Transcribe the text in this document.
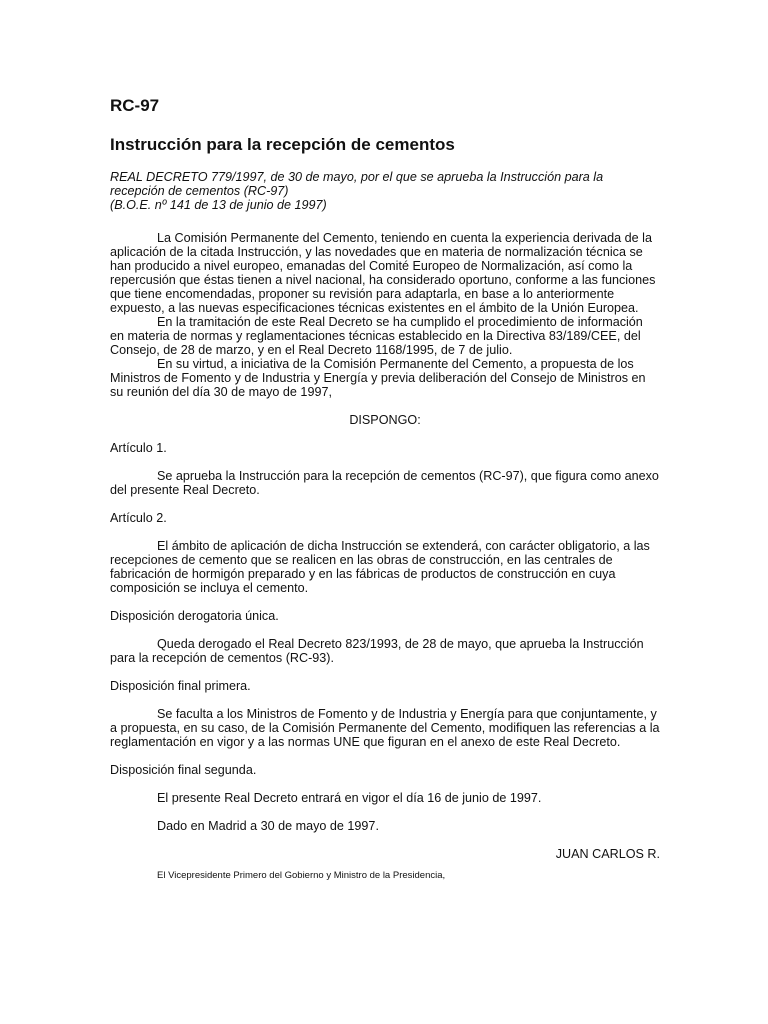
RC-97
Instrucción para la recepción de cementos
REAL DECRETO 779/1997, de 30 de mayo, por el que se aprueba la Instrucción para la recepción de cementos (RC-97)
(B.O.E. nº 141 de 13 de junio de 1997)

La Comisión Permanente del Cemento, teniendo en cuenta la experiencia derivada de la aplicación de la citada Instrucción, y las novedades que en materia de normalización técnica se han producido a nivel europeo, emanadas del Comité Europeo de Normalización, así como la repercusión que éstas tienen a nivel nacional, ha considerado oportuno, conforme a las funciones que tiene encomendadas, proponer su revisión para adaptarla, en base a lo anteriormente expuesto, a las nuevas especificaciones técnicas existentes en el ámbito de la Unión Europea.

En la tramitación de este Real Decreto se ha cumplido el procedimiento de información en materia de normas y reglamentaciones técnicas establecido en la Directiva 83/189/CEE, del Consejo, de 28 de marzo, y en el Real Decreto 1168/1995, de 7 de julio.

En su virtud, a iniciativa de la Comisión Permanente del Cemento, a propuesta de los Ministros de Fomento y de Industria y Energía y previa deliberación del Consejo de Ministros en su reunión del día 30 de mayo de 1997,

DISPONGO:
Artículo 1.

Se aprueba la Instrucción para la recepción de cementos (RC-97), que figura como anexo del presente Real Decreto.

Artículo 2.

El ámbito de aplicación de dicha Instrucción se extenderá, con carácter obligatorio, a las recepciones de cemento que se realicen en las obras de construcción, en las centrales de fabricación de hormigón preparado y en las fábricas de productos de construcción en cuya composición se incluya el cemento.

Disposición derogatoria única.

Queda derogado el Real Decreto 823/1993, de 28 de mayo, que aprueba la Instrucción para la recepción de cementos (RC-93).

Disposición final primera.

Se faculta a los Ministros de Fomento y de Industria y Energía para que conjuntamente, y a propuesta, en su caso, de la Comisión Permanente del Cemento, modifiquen las referencias a la reglamentación en vigor y a las normas UNE que figuran en el anexo de este Real Decreto.

Disposición final segunda.

El presente Real Decreto entrará en vigor el día 16 de junio de 1997.

Dado en Madrid a 30 de mayo de 1997.

JUAN CARLOS R.

El Vicepresidente Primero del Gobierno y Ministro de la Presidencia,
